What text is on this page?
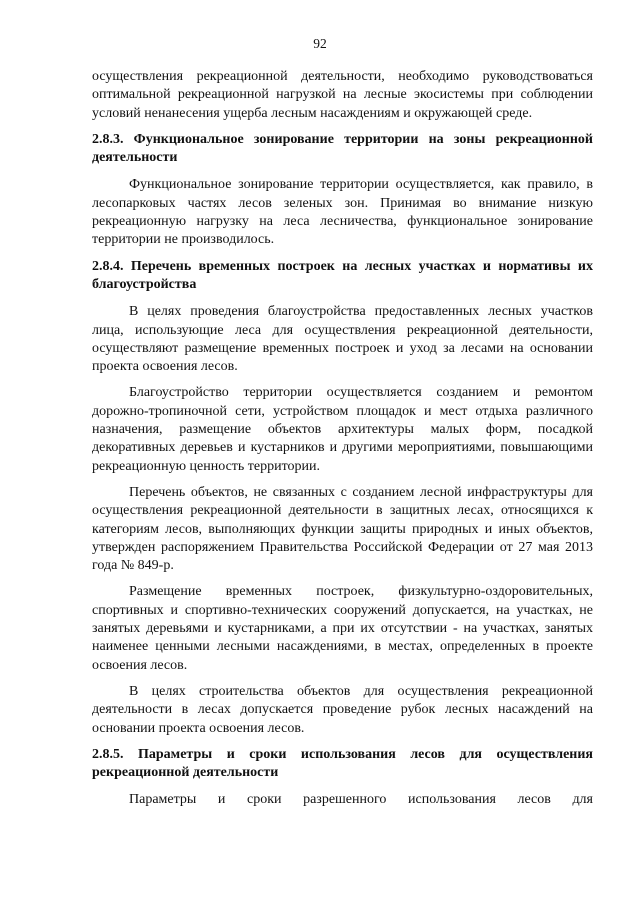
92

осуществления рекреационной деятельности, необходимо руководствоваться оптимальной рекреационной нагрузкой на лесные экосистемы при соблюдении условий ненанесения ущерба лесным насаждениям и окружающей среде.

2.8.3. Функциональное зонирование территории на зоны рекреационной деятельности

Функциональное зонирование территории осуществляется, как правило, в лесопарковых частях лесов зеленых зон. Принимая во внимание низкую рекреационную нагрузку на леса лесничества, функциональное зонирование территории не производилось.

2.8.4. Перечень временных построек на лесных участках и нормативы их благоустройства

В целях проведения благоустройства предоставленных лесных участков лица, использующие леса для осуществления рекреационной деятельности, осуществляют размещение временных построек и уход за лесами на основании проекта освоения лесов.

Благоустройство территории осуществляется созданием и ремонтом дорожно-тропиночной сети, устройством площадок и мест отдыха различного назначения, размещение объектов архитектуры малых форм, посадкой декоративных деревьев и кустарников и другими мероприятиями, повышающими рекреационную ценность территории.

Перечень объектов, не связанных с созданием лесной инфраструктуры для осуществления рекреационной деятельности в защитных лесах, относящихся к категориям лесов, выполняющих функции защиты природных и иных объектов, утвержден распоряжением Правительства Российской Федерации от 27 мая 2013 года № 849-р.

Размещение временных построек, физкультурно-оздоровительных, спортивных и спортивно-технических сооружений допускается, на участках, не занятых деревьями и кустарниками, а при их отсутствии - на участках, занятых наименее ценными лесными насаждениями, в местах, определенных в проекте освоения лесов.

В целях строительства объектов для осуществления рекреационной деятельности в лесах допускается проведение рубок лесных насаждений на основании проекта освоения лесов.

2.8.5. Параметры и сроки использования лесов для осуществления рекреационной деятельности

Параметры и сроки разрешенного использования лесов для
